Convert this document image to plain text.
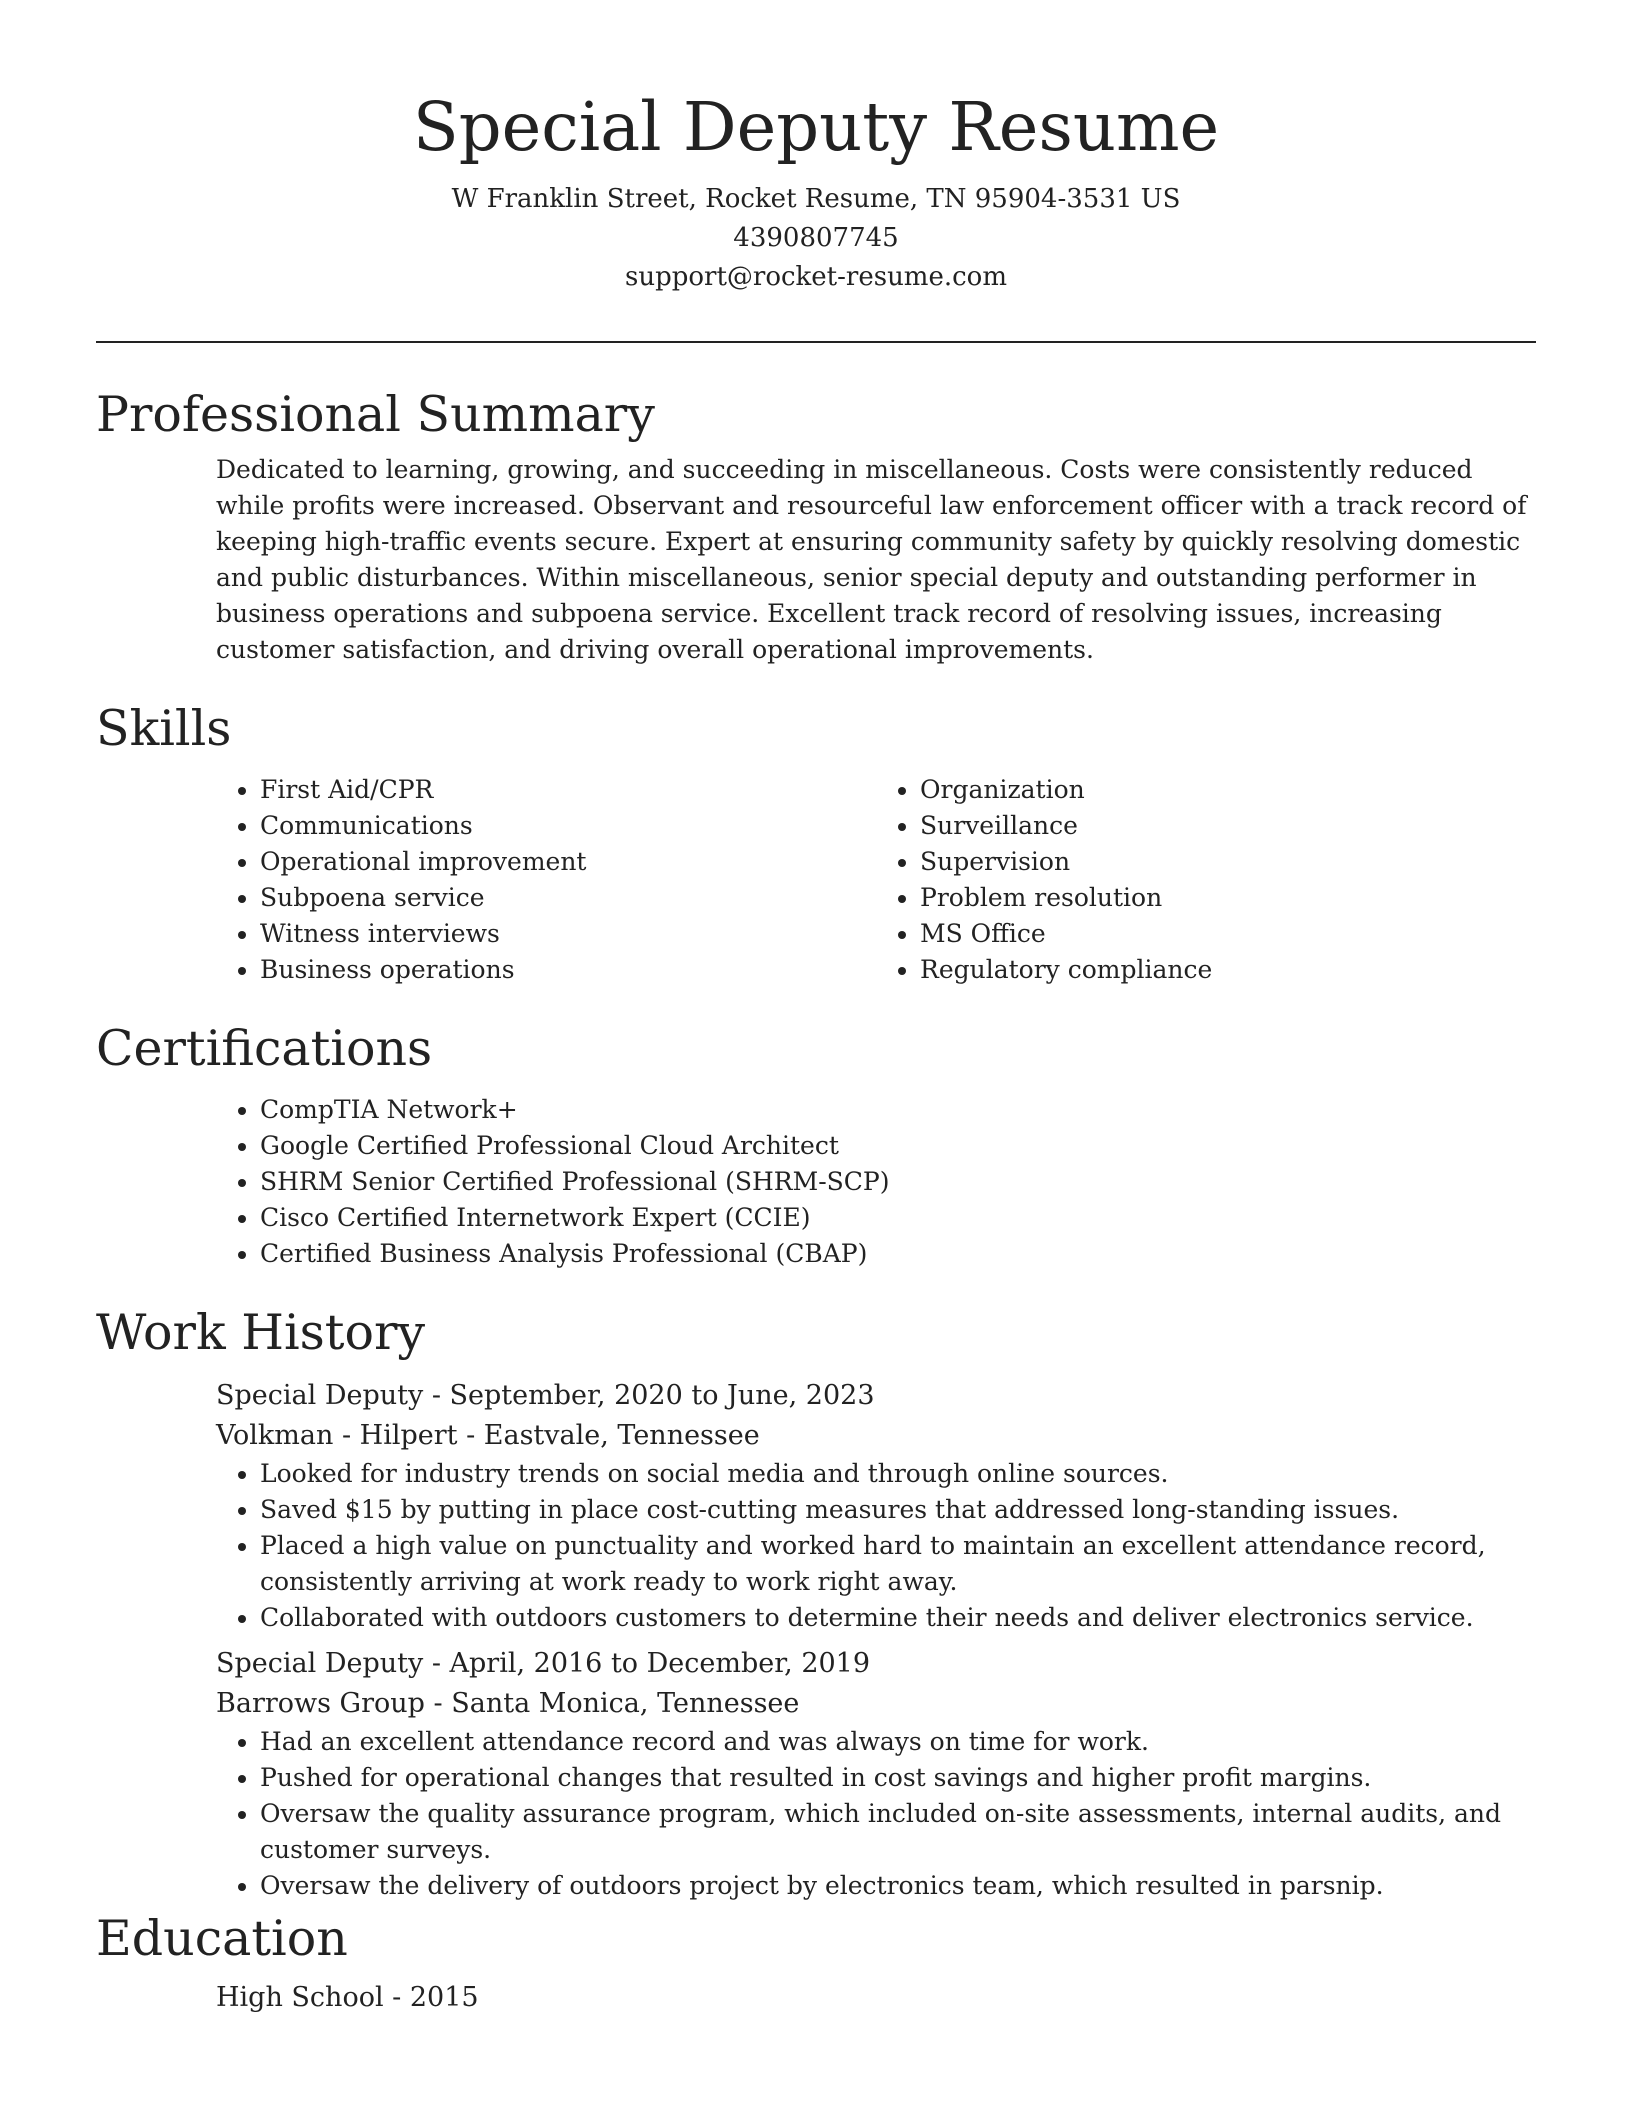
Special Deputy Resume
W Franklin Street, Rocket Resume, TN 95904-3531 US
4390807745
support@rocket-resume.com
Professional Summary
Dedicated to learning, growing, and succeeding in miscellaneous. Costs were consistently reduced while profits were increased. Observant and resourceful law enforcement officer with a track record of keeping high-traffic events secure. Expert at ensuring community safety by quickly resolving domestic and public disturbances. Within miscellaneous, senior special deputy and outstanding performer in business operations and subpoena service. Excellent track record of resolving issues, increasing customer satisfaction, and driving overall operational improvements.
Skills
• First Aid/CPR
• Communications
• Operational improvement
• Subpoena service
• Witness interviews
• Business operations
• Organization
• Surveillance
• Supervision
• Problem resolution
• MS Office
• Regulatory compliance
Certifications
• CompTIA Network+
• Google Certified Professional Cloud Architect
• SHRM Senior Certified Professional (SHRM-SCP)
• Cisco Certified Internetwork Expert (CCIE)
• Certified Business Analysis Professional (CBAP)
Work History
Special Deputy - September, 2020 to June, 2023
Volkman - Hilpert - Eastvale, Tennessee
• Looked for industry trends on social media and through online sources.
• Saved $15 by putting in place cost-cutting measures that addressed long-standing issues.
• Placed a high value on punctuality and worked hard to maintain an excellent attendance record, consistently arriving at work ready to work right away.
• Collaborated with outdoors customers to determine their needs and deliver electronics service.
Special Deputy - April, 2016 to December, 2019
Barrows Group - Santa Monica, Tennessee
• Had an excellent attendance record and was always on time for work.
• Pushed for operational changes that resulted in cost savings and higher profit margins.
• Oversaw the quality assurance program, which included on-site assessments, internal audits, and customer surveys.
• Oversaw the delivery of outdoors project by electronics team, which resulted in parsnip.
Education
High School - 2015
